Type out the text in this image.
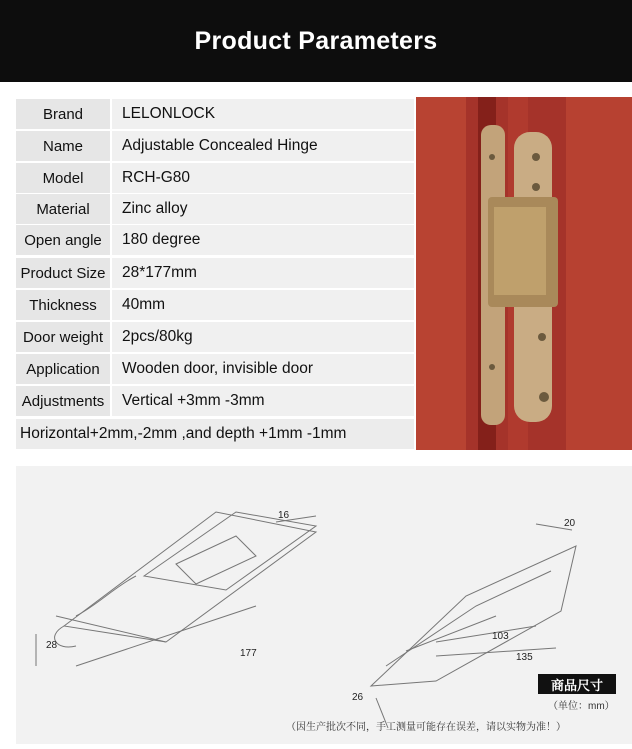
Product Parameters
Brand	LELONLOCK
Name	Adjustable Concealed Hinge
Model	RCH-G80
Material	Zinc alloy
Open angle	180 degree
Product Size	28*177mm
Thickness	40mm
Door weight	2pcs/80kg
Application	Wooden door, invisible door
Adjustments	Vertical +3mm -3mm
Horizontal+2mm,-2mm ,and depth +1mm -1mm
16
28
177
20
103
135
26
商品尺寸
（单位：mm）
（因生产批次不同，手工测量可能存在误差，请以实物为准！）
